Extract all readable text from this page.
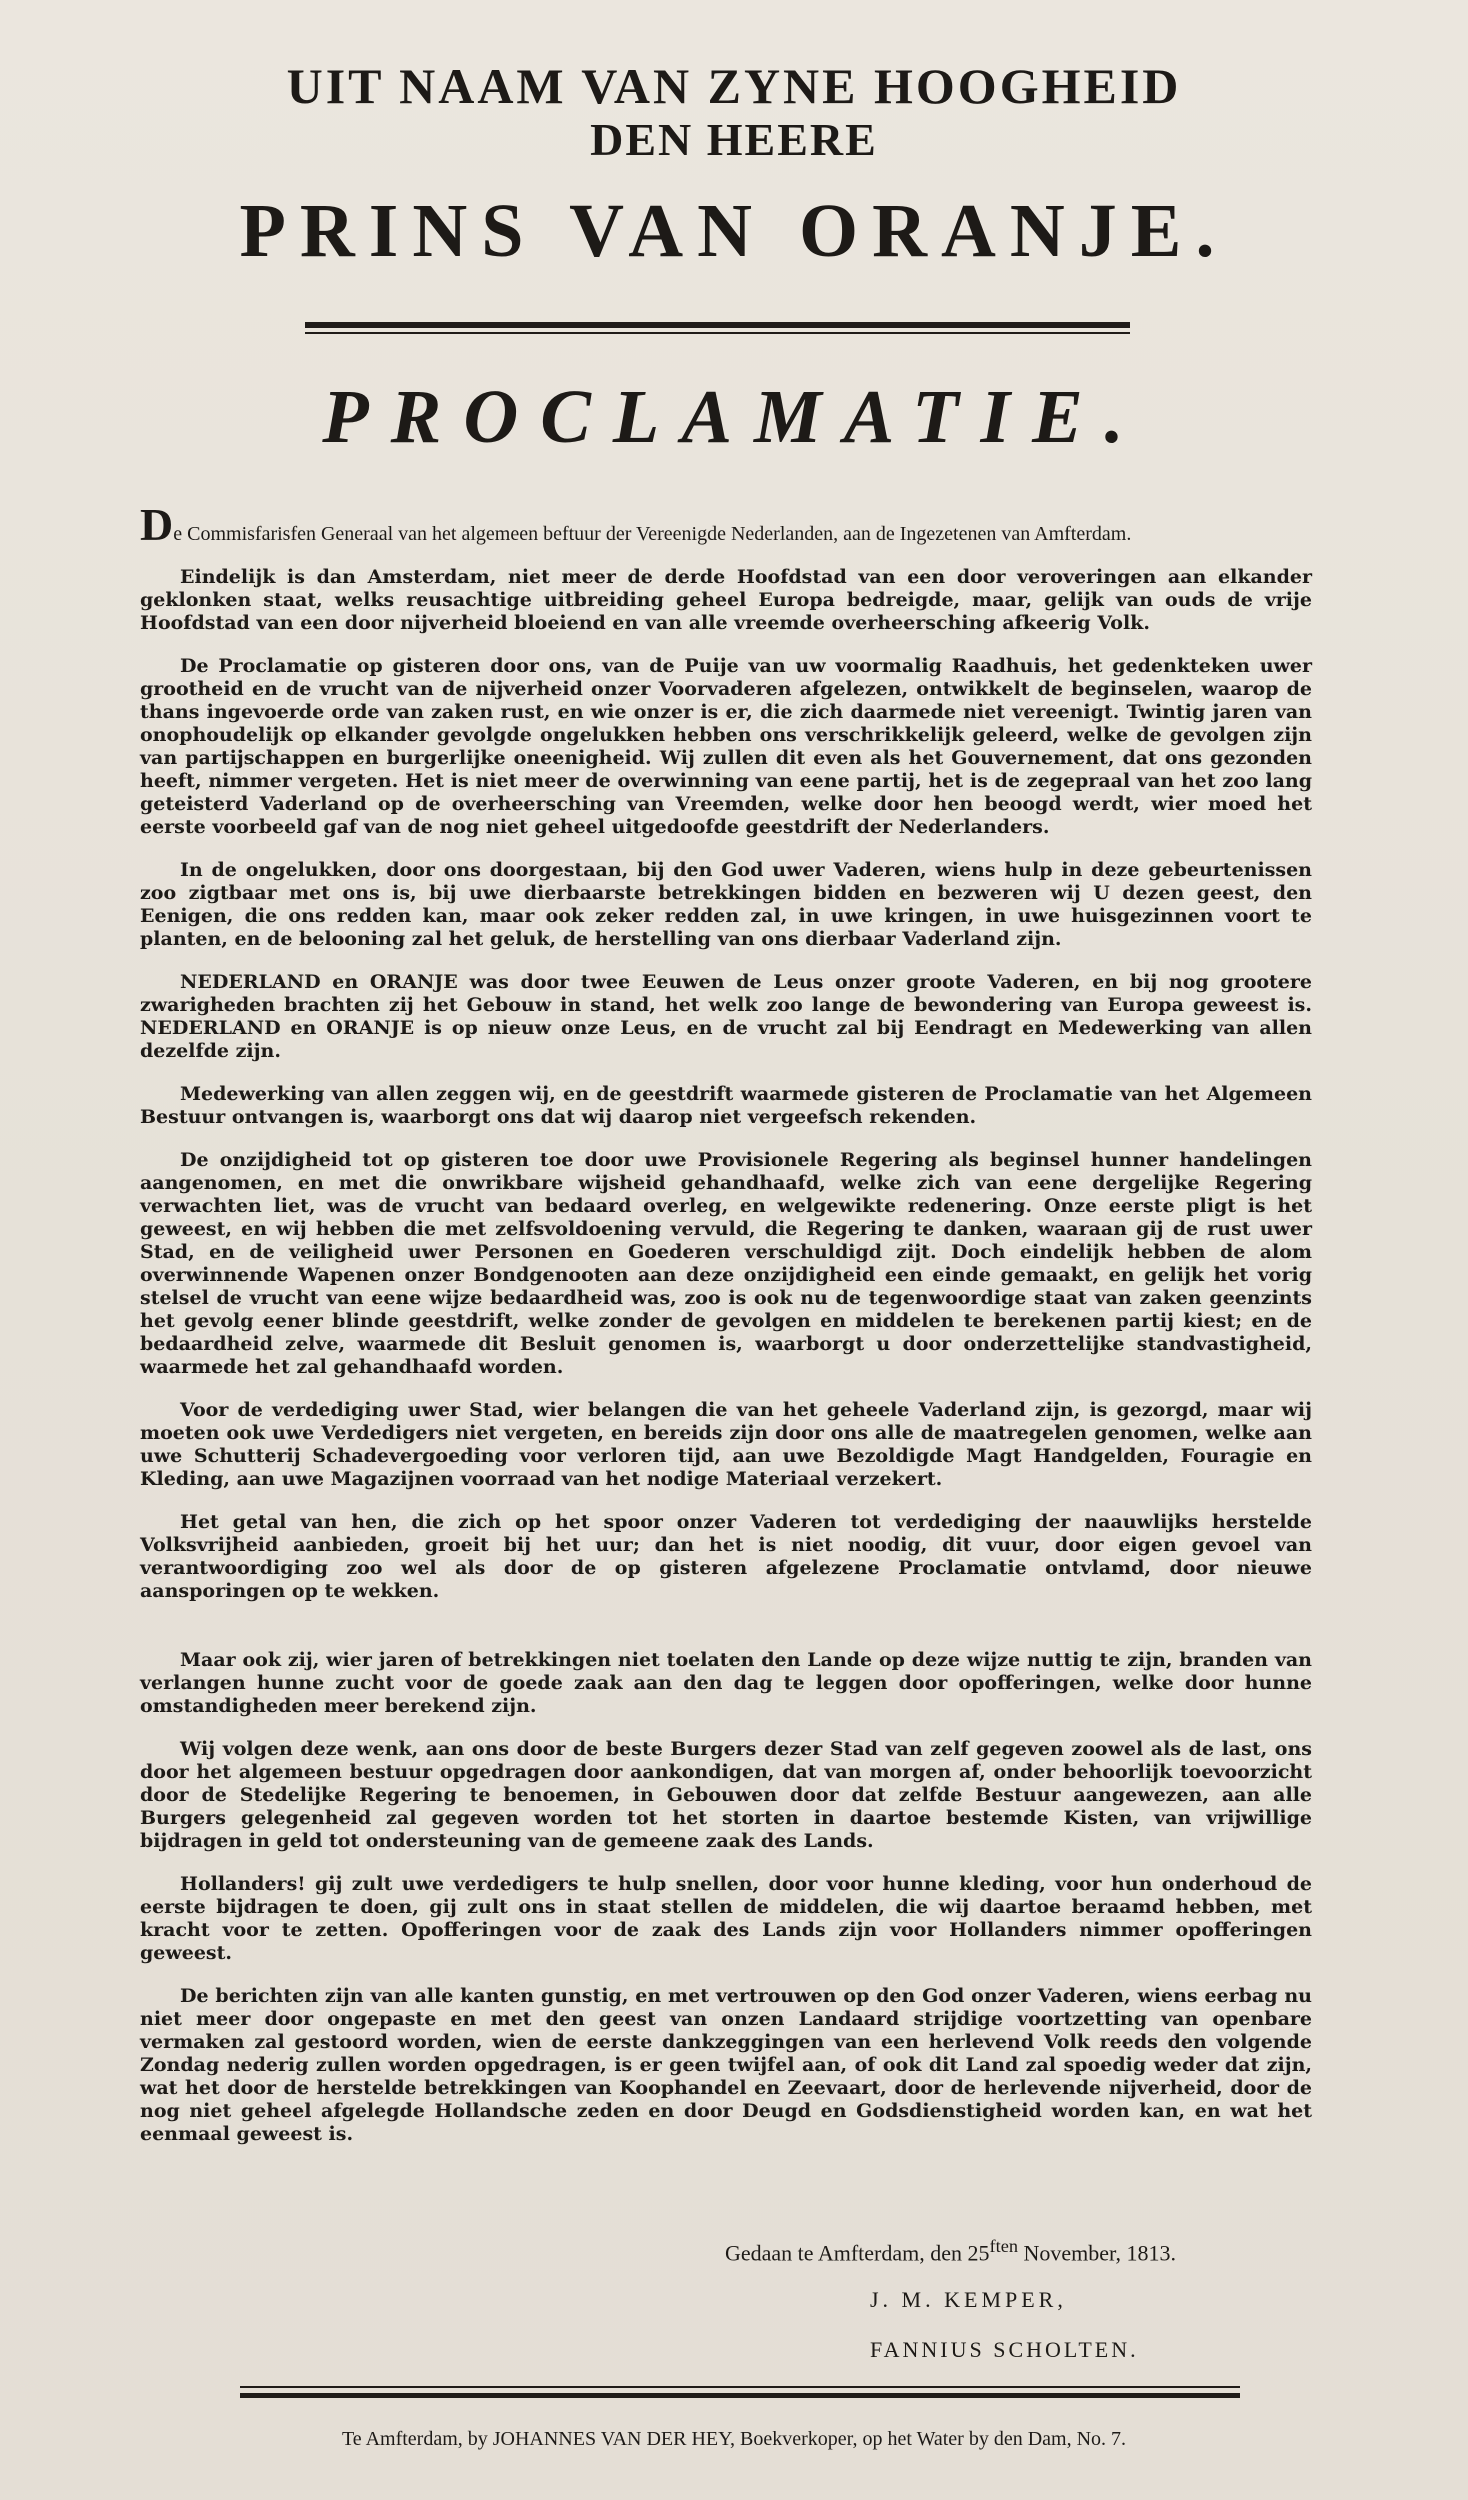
UIT NAAM VAN ZYNE HOOGHEID
DEN HEERE
PRINS VAN ORANJE.
PROCLAMATIE.

De Commisfarisfen Generaal van het algemeen beftuur der Vereenigde Nederlanden, aan de Ingezetenen van Amfterdam.

Eindelijk is dan Amsterdam, niet meer de derde Hoofdstad van een door veroveringen aan elkander geklonken staat, welks reusachtige uitbreiding geheel Europa bedreigde, maar, gelijk van ouds de vrije Hoofdstad van een door nijverheid bloeiend en van alle vreemde overheersching afkeerig Volk.

De Proclamatie op gisteren door ons, van de Puije van uw voormalig Raadhuis, het gedenkteken uwer grootheid en de vrucht van de nijverheid onzer Voorvaderen afgelezen, ontwikkelt de beginselen, waarop de thans ingevoerde orde van zaken rust, en wie onzer is er, die zich daarmede niet vereenigt. Twintig jaren van onophoudelijk op elkander gevolgde ongelukken hebben ons verschrikkelijk geleerd, welke de gevolgen zijn van partijschappen en burgerlijke oneenigheid. Wij zullen dit even als het Gouvernement, dat ons gezonden heeft, nimmer vergeten. Het is niet meer de overwinning van eene partij, het is de zegepraal van het zoo lang geteisterd Vaderland op de overheersching van Vreemden, welke door hen beoogd werdt, wier moed het eerste voorbeeld gaf van de nog niet geheel uitgedoofde geestdrift der Nederlanders.

In de ongelukken, door ons doorgestaan, bij den God uwer Vaderen, wiens hulp in deze gebeurtenissen zoo zigtbaar met ons is, bij uwe dierbaarste betrekkingen bidden en bezweren wij U dezen geest, den Eenigen, die ons redden kan, maar ook zeker redden zal, in uwe kringen, in uwe huisgezinnen voort te planten, en de belooning zal het geluk, de herstelling van ons dierbaar Vaderland zijn.

NEDERLAND en ORANJE was door twee Eeuwen de Leus onzer groote Vaderen, en bij nog grootere zwarigheden brachten zij het Gebouw in stand, het welk zoo lange de bewondering van Europa geweest is. NEDERLAND en ORANJE is op nieuw onze Leus, en de vrucht zal bij Eendragt en Medewerking van allen dezelfde zijn.

Medewerking van allen zeggen wij, en de geestdrift waarmede gisteren de Proclamatie van het Algemeen Bestuur ontvangen is, waarborgt ons dat wij daarop niet vergeefsch rekenden.

De onzijdigheid tot op gisteren toe door uwe Provisionele Regering als beginsel hunner handelingen aangenomen, en met die onwrikbare wijsheid gehandhaafd, welke zich van eene dergelijke Regering verwachten liet, was de vrucht van bedaard overleg, en welgewikte redenering. Onze eerste pligt is het geweest, en wij hebben die met zelfsvoldoening vervuld, die Regering te danken, waaraan gij de rust uwer Stad, en de veiligheid uwer Personen en Goederen verschuldigd zijt. Doch eindelijk hebben de alom overwinnende Wapenen onzer Bondgenooten aan deze onzijdigheid een einde gemaakt, en gelijk het vorig stelsel de vrucht van eene wijze bedaardheid was, zoo is ook nu de tegenwoordige staat van zaken geenzints het gevolg eener blinde geestdrift, welke zonder de gevolgen en middelen te berekenen partij kiest; en de bedaardheid zelve, waarmede dit Besluit genomen is, waarborgt u door onderzettelijke standvastigheid, waarmede het zal gehandhaafd worden.

Voor de verdediging uwer Stad, wier belangen die van het geheele Vaderland zijn, is gezorgd, maar wij moeten ook uwe Verdedigers niet vergeten, en bereids zijn door ons alle de maatregelen genomen, welke aan uwe Schutterij Schadevergoeding voor verloren tijd, aan uwe Bezoldigde Magt Handgelden, Fouragie en Kleding, aan uwe Magazijnen voorraad van het nodige Materiaal verzekert.

Het getal van hen, die zich op het spoor onzer Vaderen tot verdediging der naauwlijks herstelde Volksvrijheid aanbieden, groeit bij het uur; dan het is niet noodig, dit vuur, door eigen gevoel van verantwoordiging zoo wel als door de op gisteren afgelezene Proclamatie ontvlamd, door nieuwe aansporingen op te wekken.

Maar ook zij, wier jaren of betrekkingen niet toelaten den Lande op deze wijze nuttig te zijn, branden van verlangen hunne zucht voor de goede zaak aan den dag te leggen door opofferingen, welke door hunne omstandigheden meer berekend zijn.

Wij volgen deze wenk, aan ons door de beste Burgers dezer Stad van zelf gegeven zoowel als de last, ons door het algemeen bestuur opgedragen door aankondigen, dat van morgen af, onder behoorlijk toevoorzicht door de Stedelijke Regering te benoemen, in Gebouwen door dat zelfde Bestuur aangewezen, aan alle Burgers gelegenheid zal gegeven worden tot het storten in daartoe bestemde Kisten, van vrijwillige bijdragen in geld tot ondersteuning van de gemeene zaak des Lands.

Hollanders! gij zult uwe verdedigers te hulp snellen, door voor hunne kleding, voor hun onderhoud de eerste bijdragen te doen, gij zult ons in staat stellen de middelen, die wij daartoe beraamd hebben, met kracht voor te zetten. Opofferingen voor de zaak des Lands zijn voor Hollanders nimmer opofferingen geweest.

De berichten zijn van alle kanten gunstig, en met vertrouwen op den God onzer Vaderen, wiens eerbag nu niet meer door ongepaste en met den geest van onzen Landaard strijdige voortzetting van openbare vermaken zal gestoord worden, wien de eerste dankzeggingen van een herlevend Volk reeds den volgende Zondag nederig zullen worden opgedragen, is er geen twijfel aan, of ook dit Land zal spoedig weder dat zijn, wat het door de herstelde betrekkingen van Koophandel en Zeevaart, door de herlevende nijverheid, door de nog niet geheel afgelegde Hollandsche zeden en door Deugd en Godsdienstigheid worden kan, en wat het eenmaal geweest is.

Gedaan te Amfterdam, den $25^{ften}$ November, 1813.
J. M. KEMPER,
FANNIUS SCHOLTEN.
Te Amfterdam, by JOHANNES VAN DER HEY, Boekverkoper, op het Water by den Dam, No. 7.
